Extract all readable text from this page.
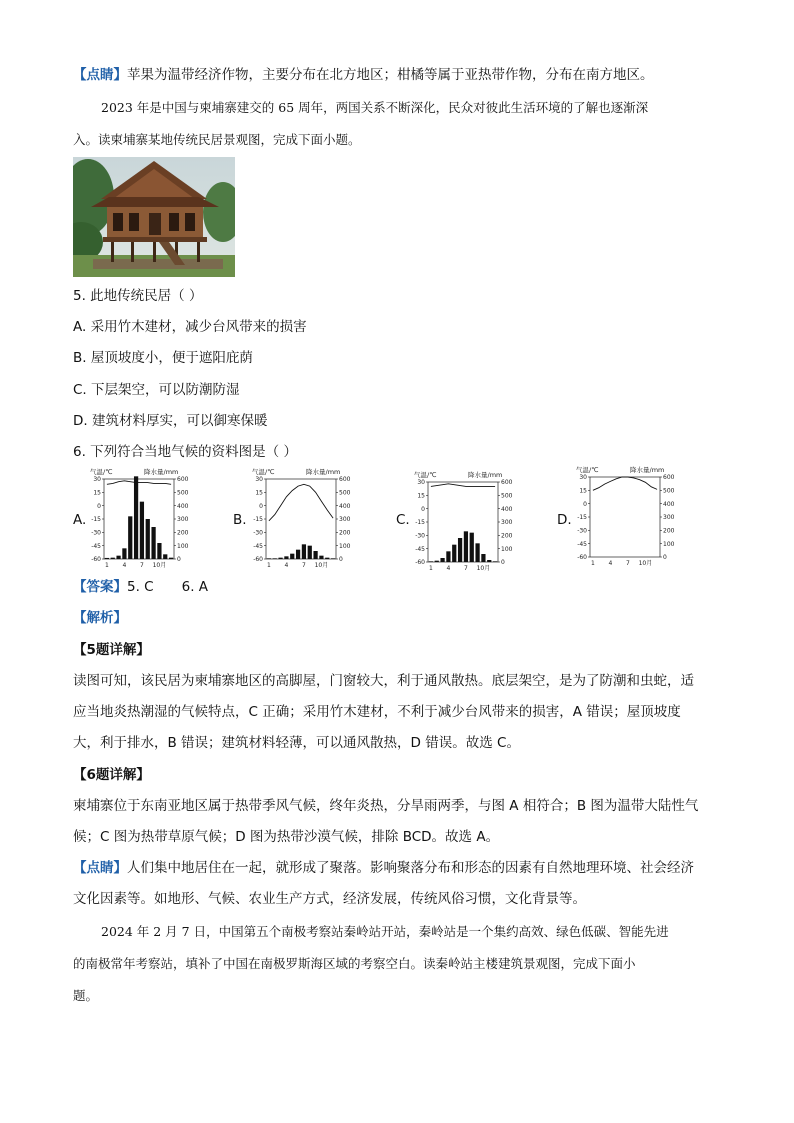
【点睛】苹果为温带经济作物，主要分布在北方地区；柑橘等属于亚热带作物，分布在南方地区。
2023 年是中国与柬埔寨建交的 65 周年，两国关系不断深化，民众对彼此生活环境的了解也逐渐深
入。读柬埔寨某地传统民居景观图，完成下面小题。
5. 此地传统民居（ ）
A. 采用竹木建材，减少台风带来的损害
B. 屋顶坡度小，便于遮阳庇荫
C. 下层架空，可以防潮防湿
D. 建筑材料厚实，可以御寒保暖
6. 下列符合当地气候的资料图是（ ）
A.	B.	C.	D.
气温/℃	降水量/mm
30
15
0
-15
-30
-45
-60
600
500
400
300
200
100
0
1 4 7 10月
气温/℃	降水量/mm
30
15
0
-15
-30
-45
-60
600
500
400
300
200
100
0
1 4 7 10月
气温/℃	降水量/mm
30
15
0
-15
-30
-45
-60
600
500
400
300
200
100
0
1 4 7 10月
气温/℃	降水量/mm
30
15
0
-15
-30
-45
-60
600
500
400
300
200
100
0
1 4 7 10月
【答案】5. C 6. A
【解析】
【5题详解】
读图可知，该民居为柬埔寨地区的高脚屋，门窗较大，利于通风散热。底层架空，是为了防潮和虫蛇，适
应当地炎热潮湿的气候特点，C 正确；采用竹木建材，不利于减少台风带来的损害，A 错误；屋顶坡度
大，利于排水，B 错误；建筑材料轻薄，可以通风散热，D 错误。故选 C。
【6题详解】
柬埔寨位于东南亚地区属于热带季风气候，终年炎热，分旱雨两季，与图 A 相符合；B 图为温带大陆性气
候；C 图为热带草原气候；D 图为热带沙漠气候，排除 BCD。故选 A。
【点睛】人们集中地居住在一起，就形成了聚落。影响聚落分布和形态的因素有自然地理环境、社会经济
文化因素等。如地形、气候、农业生产方式，经济发展，传统风俗习惯，文化背景等。
2024 年 2 月 7 日，中国第五个南极考察站秦岭站开站，秦岭站是一个集约高效、绿色低碳、智能先进
的南极常年考察站，填补了中国在南极罗斯海区域的考察空白。读秦岭站主楼建筑景观图，完成下面小
题。
